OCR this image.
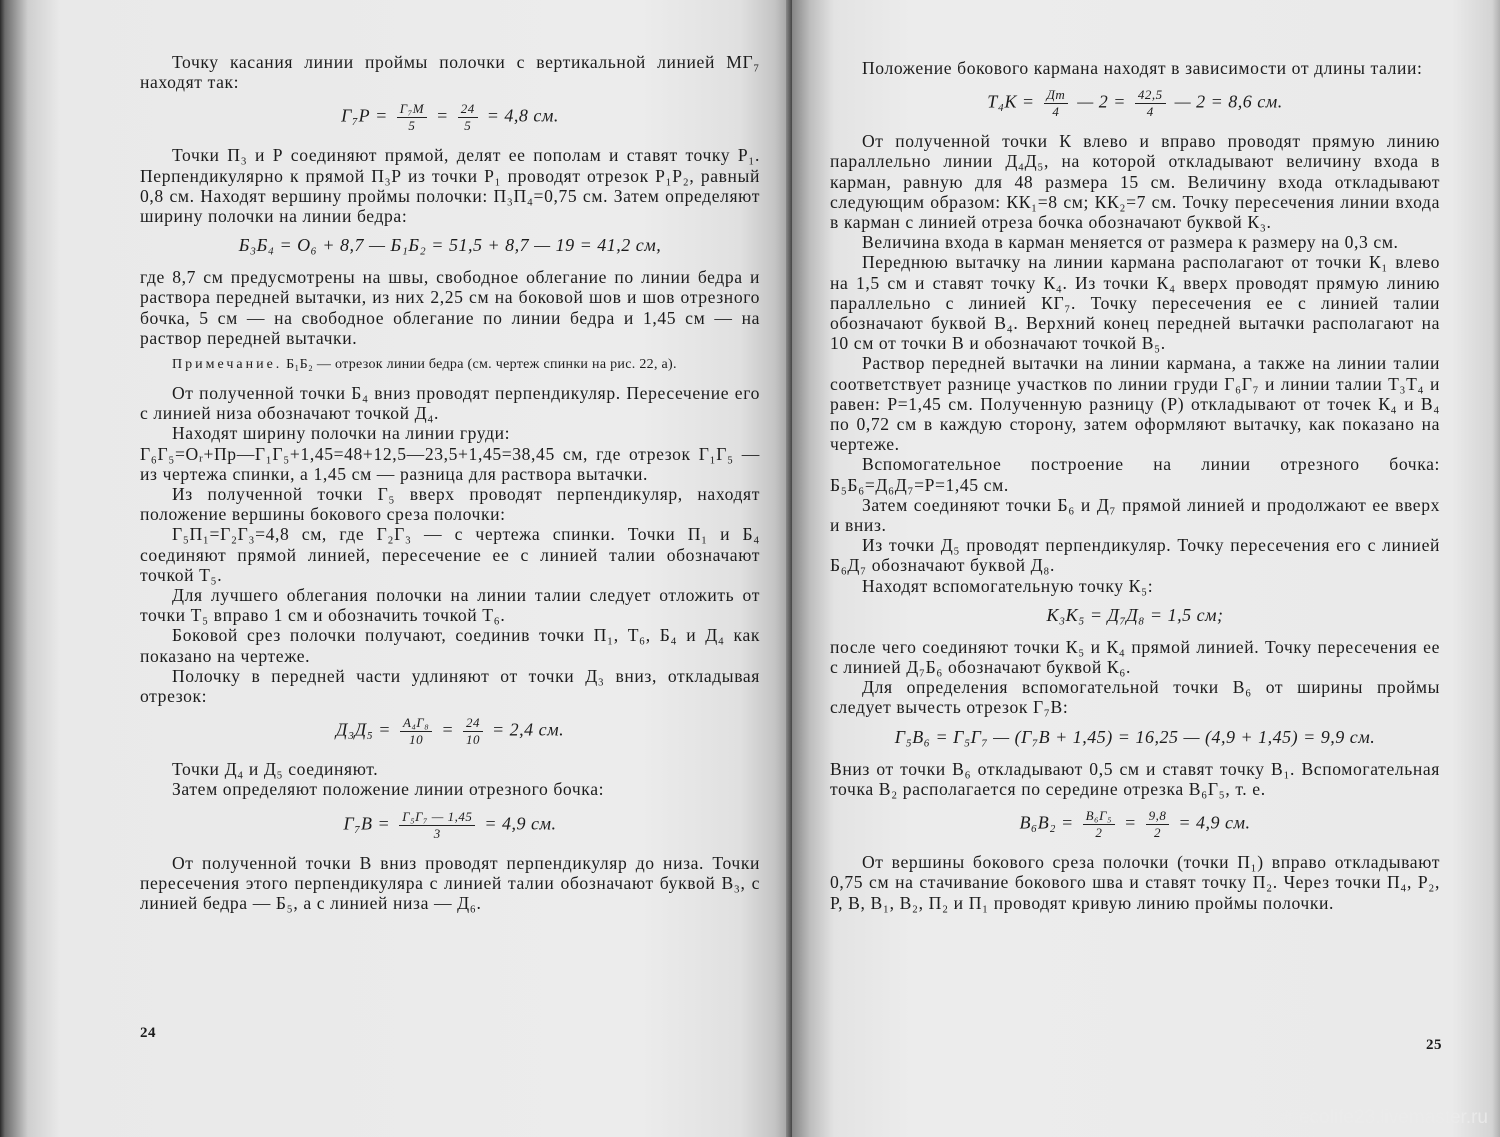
Точку касания линии проймы полочки с вертикальной линией МГ₇ находят так:

$Г_7Р = \frac{\text{Г₇М}}{5} = \frac{24}{5} = 4,8$ см.

Точки П₃ и Р соединяют прямой, делят ее пополам и ставят точку Р₁. Перпендикулярно к прямой П₃Р из точки Р₁ проводят отрезок Р₁Р₂, равный 0,8 см. Находят вершину проймы полочки: П₃П₄=0,75 см. Затем определяют ширину полочки на линии бедра:

Б₃Б₄ = О₆ + 8,7 — Б₁Б₂ = 51,5 + 8,7 — 19 = 41,2 см,

где 8,7 см предусмотрены на швы, свободное облегание по линии бедра и раствора передней вытачки, из них 2,25 см на боковой шов и шов отрезного бочка, 5 см — на свободное облегание по линии бедра и 1,45 см — на раствор передней вытачки.

Примечание. Б₁Б₂ — отрезок линии бедра (см. чертеж спинки на рис. 22, а).

От полученной точки Б₄ вниз проводят перпендикуляр. Пересечение его с линией низа обозначают точкой Д₄.

Находят ширину полочки на линии груди:

Г₆Г₅=Оᵣ+Пр—Г₁Г₅+1,45=48+12,5—23,5+1,45=38,45 см, где отрезок Г₁Г₅ — из чертежа спинки, а 1,45 см — разница для раствора вытачки.

Из полученной точки Г₅ вверх проводят перпендикуляр, находят положение вершины бокового среза полочки:

Г₅П₁=Г₂Г₃=4,8 см, где Г₂Г₃ — с чертежа спинки. Точки П₁ и Б₄ соединяют прямой линией, пересечение ее с линией талии обозначают точкой Т₅.

Для лучшего облегания полочки на линии талии следует отложить от точки Т₅ вправо 1 см и обозначить точкой Т₆.

Боковой срез полочки получают, соединив точки П₁, Т₆, Б₄ и Д₄ как показано на чертеже.

Полочку в передней части удлиняют от точки Д₃ вниз, откладывая отрезок:

$Д_3Д_5 = \frac{\text{А₄Г₈}}{10} = \frac{24}{10} = 2,4$ см.

Точки Д₄ и Д₅ соединяют.

Затем определяют положение линии отрезного бочка:

$Г_7В = \frac{\text{Г₅Г₇ — 1,45}}{3} = 4,9$ см.

От полученной точки В вниз проводят перпендикуляр до низа. Точки пересечения этого перпендикуляра с линией талии обозначают буквой В₃, с линией бедра — Б₅, а с линией низа — Д₆.

24

Положение бокового кармана находят в зависимости от длины талии:

$Т_4К = \frac{Дт}{4}$ — $2 = \frac{42,5}{4}$ — 2 = 8,6 см.

От полученной точки К влево и вправо проводят прямую линию параллельно линии Д₄Д₅, на которой откладывают величину входа в карман, равную для 48 размера 15 см. Величину входа откладывают следующим образом: КК₁=8 см; КК₂=7 см. Точку пересечения линии входа в карман с линией отреза бочка обозначают буквой К₃.

Величина входа в карман меняется от размера к размеру на 0,3 см.

Переднюю вытачку на линии кармана располагают от точки К₁ влево на 1,5 см и ставят точку К₄. Из точки К₄ вверх проводят прямую линию параллельно с линией КГ₇. Точку пересечения ее с линией талии обозначают буквой В₄. Верхний конец передней вытачки располагают на 10 см от точки В и обозначают точкой В₅.

Раствор передней вытачки на линии кармана, а также на линии талии соответствует разнице участков по линии груди Г₆Г₇ и линии талии Т₃Т₄ и равен: Р=1,45 см. Полученную разницу (Р) откладывают от точек К₄ и В₄ по 0,72 см в каждую сторону, затем оформляют вытачку, как показано на чертеже.

Вспомогательное построение на линии отрезного бочка: Б₅Б₆=Д₆Д₇=Р=1,45 см.

Затем соединяют точки Б₆ и Д₇ прямой линией и продолжают ее вверх и вниз.

Из точки Д₅ проводят перпендикуляр. Точку пересечения его с линией Б₆Д₇ обозначают буквой Д₈.

Находят вспомогательную точку К₅:

К₃К₅ = Д₇Д₈ = 1,5 см;

после чего соединяют точки К₅ и К₄ прямой линией. Точку пересечения ее с линией Д₇Б₆ обозначают буквой К₆.

Для определения вспомогательной точки В₆ от ширины проймы следует вычесть отрезок Г₇В:

Г₅В₆ = Г₅Г₇ — (Г₇В + 1,45) = 16,25 — (4,9 + 1,45) = 9,9 см.

Вниз от точки В₆ откладывают 0,5 см и ставят точку В₁. Вспомогательная точка В₂ располагается по середине отрезка В₆Г₅, т. е.

$В_6В_2 = \frac{\text{В₆Г₅}}{2} = \frac{9,8}{2} = 4,9$ см.

От вершины бокового среза полочки (точки П₁) вправо откладывают 0,75 см на стачивание бокового шва и ставят точку П₂. Через точки П₄, Р₂, Р, В, В₁, В₂, П₂ и П₁ проводят кривую линию проймы полочки.

25
❄ ecolife23.livemaster.ru
